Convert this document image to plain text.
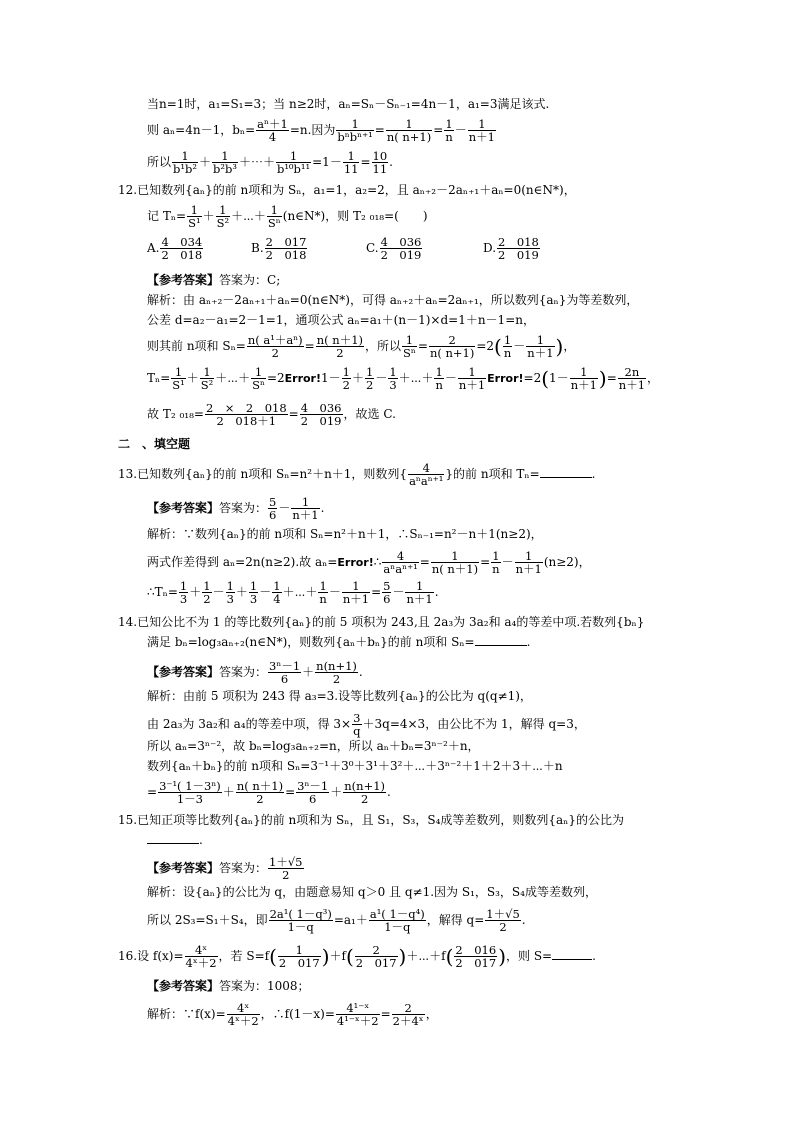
当n=1时，a₁=S₁=3；当 n≥2时，aₙ=Sₙ－Sₙ₋₁=4n－1，a₁=3满足该式.
则 aₙ=4n－1，$b_n= \frac{\text{aⁿ＋1}}{4} =n$.因为 $\frac{1}{\text{bⁿbⁿ⁺¹}} = \frac{1}{n( n+1)} = \frac{1}{n} - \frac{1}{n+1}$
所以 $\frac{1}{\text{b¹b²}} + \frac{1}{\text{b²b³}}$ ＋⋯＋ $\frac{1}{\text{b¹⁰b¹¹}} =1- \frac{1}{11} = \frac{10}{11}$ .
12.已知数列{aₙ}的前 n项和为 Sₙ，a₁=1，a₂=2，且 aₙ₊₂－2aₙ₊₁＋aₙ=0(n∈N*)，
记 $T_n= \frac{1}{\text{S¹}} + \frac{1}{\text{S²}}$ ＋⋯＋ $\frac{1}{\text{Sⁿ}}$ (n∈N*)，则 T₂ ₀₁₈=(　　)
A. $\frac{4 034}{2 018}$	B. $\frac{2 017}{2 018}$	C. $\frac{4 036}{2 019}$	D. $\frac{2 018}{2 019}$
【参考答案】答案为：C;
解析：由 aₙ₊₂－2aₙ₊₁＋aₙ=0(n∈N*)，可得 aₙ₊₂＋aₙ=2aₙ₊₁，所以数列{aₙ}为等差数列，
公差 d=a₂－a₁=2－1=1，通项公式 aₙ=a₁＋(n－1)×d=1＋n－1=n，
则其前 n项和 $S_n= \frac{\text{n( a¹＋aⁿ)}}{2} = \frac{n( n+1)}{2}$ ，所以 $\frac{1}{\text{Sⁿ}} = \frac{2}{n( n+1)} =2( \frac{1}{n} - \frac{1}{n+1}$ )，
$T_n= \frac{1}{\text{S¹}} + \frac{1}{\text{S²}}$ ＋⋯＋ $\frac{1}{\text{Sⁿ}}$ =2Error!1－ $\frac{1}{2} + \frac{1}{2} - \frac{1}{3}$ ＋⋯＋ $\frac{1}{n} - \frac{1}{n+1}$ Error!=2(1－ $\frac{1}{n+1}$ )= $\frac{2n}{n+1}$ ，
故 T₂ $_{018}= \frac{2 \times 2 018}{2 018+1} = \frac{4 036}{2 019}$ ，故选 C.
二　、填空题
13.已知数列{aₙ}的前 n项和 Sₙ=n²＋n＋1，则数列{ $\frac{4}{\text{aⁿaⁿ⁺¹}}$ }的前 n项和 Tₙ=	.
【参考答案】答案为： $\frac{5}{6} - \frac{1}{n+1}$ .
解析：∵数列{aₙ}的前 n项和 Sₙ=n²＋n＋1，∴Sₙ₋₁=n²－n＋1(n≥2)，
两式作差得到 aₙ=2n(n≥2).故 aₙ=Error!∴ $\frac{4}{\text{aⁿaⁿ⁺¹}} = \frac{1}{n( n+1)} = \frac{1}{n} - \frac{1}{n+1} (n\ge 2)$，
∴Tₙ= $\frac{1}{3} + \frac{1}{2} - \frac{1}{3} + \frac{1}{3} - \frac{1}{4}$ ＋⋯＋ $\frac{1}{n} - \frac{1}{n+1} = \frac{5}{6} - \frac{1}{n+1}$ .
14.已知公比不为 1 的等比数列{aₙ}的前 5 项积为 243,且 2a₃为 3a₂和 a₄的等差中项.若数列{bₙ}
满足 bₙ=log₃aₙ₊₂(n∈N*)，则数列{aₙ＋bₙ}的前 n项和 Sₙ=	.
【参考答案】答案为： $\frac{\text{3ⁿ－1}}{6} + \frac{n(n+1)}{2}$ .
解析：由前 5 项积为 243 得 a₃=3.设等比数列{aₙ}的公比为 q(q≠1)，
由 2a₃为 3a₂和 a₄的等差中项，得 $3\times \frac{3}{q} +3q=4\times 3$，由公比不为 1，解得 q=3，
所以 aₙ=3ⁿ⁻²，故 bₙ=log₃aₙ₊₂=n，所以 aₙ＋bₙ=3ⁿ⁻²＋n，
数列{aₙ＋bₙ}的前 n项和 Sₙ=3⁻¹＋3⁰＋3¹＋3²＋⋯＋3ⁿ⁻²＋1＋2＋3＋⋯＋n
= $\frac{\text{3⁻¹( 1－3ⁿ)}}{1-3} + \frac{n( n+1)}{2} = \frac{\text{3ⁿ－1}}{6} + \frac{n(n+1)}{2}$ .
15.已知正项等比数列{aₙ}的前 n项和为 Sₙ，且 S₁，S₃，S₄成等差数列，则数列{aₙ}的公比为
.
【参考答案】答案为： $\frac{1+√5}{2}$
解析：设{aₙ}的公比为 q，由题意易知 q＞0 且 q≠1.因为 S₁，S₃，S₄成等差数列，
所以 2S₃=S₁＋S₄，即 $\frac{\text{2a¹( 1－q³)}}{1-q} =a_1+ \frac{\text{a¹( 1－q⁴)}}{1-q}$ ，解得 $q= \frac{1+√5}{2}$ .
16.设 $f(x)= \frac{\text{4ˣ}}{\text{4ˣ＋2}}$ ，若 $S=f( \frac{1}{2 017} )+f( \frac{2}{2 017}$ )＋⋯＋f( $\frac{2 016}{2 017}$ )，则 S=	.
【参考答案】答案为：1008；
解析：∵f(x)= $\frac{\text{4ˣ}}{\text{4ˣ＋2}}$ ，∴f(1－x)= $\frac{\text{4¹⁻ˣ}}{\text{4¹⁻ˣ＋2}} = \frac{2}{\text{2＋4ˣ}}$ ，
